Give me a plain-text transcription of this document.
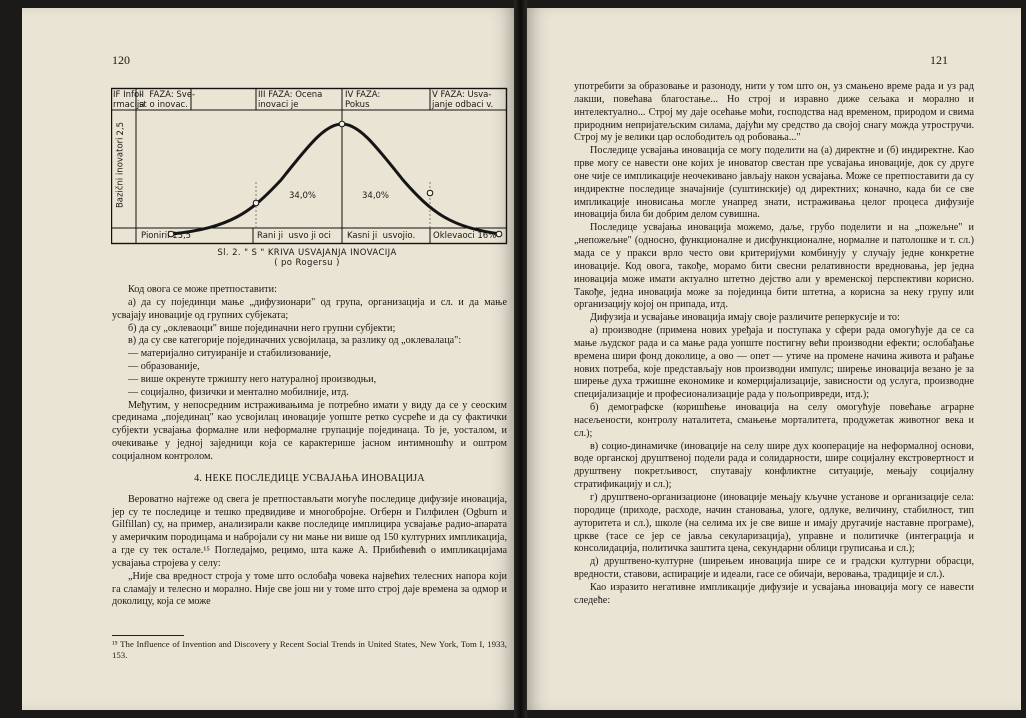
120
IF Info-
rmacija
II  FAZA: Sve-
st o inovac.
III FAZA: Ocena
inovaci je
IV FAZA:
Pokus
V FAZA: Usva-
janje odbaci v.
Bazični inovatori
2,5
34,0%	34,0%
Pionirii 13,5	Rani ji  usvo ji oci Kasni ji  usvojio. Oklevaoci 16%
Sl. 2. " S " KRIVA USVAJANJA INOVACIJA
( po Rogersu )

Код овога се може претпоставити:

а) да су појединци мање „дифузионари" од група, организација и сл. и да мање усвајају иновације од групних субјеката;

б) да су „оклеваоци" више појединачни него групни субјекти;

в) да су све категорије појединачних усвојилаца, за разлику од „оклевалаца":

— материјално ситуиранije и стабилизованије,

— образованије,

— више окренуте тржишту него натуралној производњи,

— социјално, физички и ментално мобилније, итд.

Међутим, у непосредним истраживањима је потребно имати у виду да се у сеоским срединама „појединац" као усвојилац иновације уопште ретко сусреће и да су фактички субјекти усвајања формалне или неформалне групације појединаца. То је, уосталом, и очекивање у једној заједници која се карактерише јасном интимношћу и оштром социјалном контролом.

4. НЕКЕ ПОСЛЕДИЦЕ УСВАЈАЊА ИНОВАЦИЈА

Вероватно најтеже од свега је претпостављати могуће последице дифузије иновација, јер су те последице и тешко предвидиве и многобројне. Огберн и Гилфилен (Ogburn и Gilfillan) су, на пример, анализирали какве последице имплицира усвајање радио-апарата у америчким породицама и набројали су ни мање ни више од 150 културних импликација, а где су тек остале.¹⁵ Погледајмо, рецимо, шта каже А. Прибићевић о импликацијама усвајања стројева у селу:

„Није сва вредност строја у томе што ослобађа човека највећих телесних напора који га сламају и телесно и морално. Није све још ни у томе што строј даје времена за одмор и доколицу, која се може

¹⁵ The Influence of Invention and Discovery у Recent Social Trends in United States, New York, Tom I, 1933, 153.
121

употребити за образовање и разоноду, нити у том што он, уз смањено време рада и уз рад лакши, повећава благостање... Но строј и изравно диже сељака и морално и интелектуално... Строј му даје осећање моћи, господства над временом, природом и свима природним непријатељским силама, дајући му средство да својој снагу можда утростручи. Строј му је велики цар ослободитељ од робовања..."

Последице усвајања иновација се могу поделити на (а) директне и (б) индиректне. Као прве могу се навести оне којих је иноватор свестан пре усвајања иновације, док су друге оне чије се импликације неочекивано јављају након усвајања. Може се претпоставити да су индиректне последице значајније (суштинскије) од директних; коначно, када би се све импликације иновисања могле унапред знати, истраживања целог процеса дифузије иновација била би добрим делом сувишна.

Последице усвајања иновација можемо, даље, грубо поделити и на „пожељне" и „непожељне" (односно, функционалне и дисфункционалне, нормалне и патолошке и т. сл.) мада се у пракси врло често ови критеријуми комбинују у случају једне конкретне иновације. Код овога, такође, морамо бити свесни релативности вредновања, јер једна иновација може имати актуално штетно дејство али у временској перспективи корисно. Такође, једна иновација може за појединца бити штетна, а корисна за неку групу или организацију којој он припада, итд.

Дифузија и усвајање иновација имају своје различите репеpкусије и то:

а) производне (примена нових уређаја и поступака у сфери рада омогућује да се са мање људског рада и са мање рада уопште постигну већи производни ефекти; ослобађање времена шири фонд доколице, а ово — опет — утиче на промене начина живота и рађање нових потреба, које представљају нов производни импулс; ширење иновација везано је за ширење духа тржишне економике и комерцијализације, зависности од услуга, производне специјализације и професионализације рада у пољопривреди, итд.);

б) демографске (коришћење иновација на селу омогућује повећање аграрне насељености, контролу наталитета, смањење морталитета, продужетак животног века и сл.);

в) социо-динамичке (иновације на селу шире дух кооперације на неформалној основи, воде органској друштвеној подели рада и солидарности, шире социјалну екстровертност и друштвену покретљивост, спутавају конфликтне ситуације, мењају социјалну стратификацију и сл.);

г) друштвено-организационе (иновације мењају кључне установе и организације села: породице (приходе, расходе, начин становања, улоге, одлуке, величину, стабилност, тип ауторитета и сл.), школе (на селима их је све више и имају другачије наставне програме), цркве (тасе се јер се јавља секуларизација), управне и политичке (интеграција и консолидација, политичка заштита цена, секундарни облици груписања и сл.);

д) друштвено-културне (ширењем иновација шире се и градски културни обрасци, вредности, ставови, аспирације и идеали, гасе се обичаји, веровања, традиције и сл.).

Као изразито негативне импликације дифузије и усвајања иновација могу се навести следеће:
